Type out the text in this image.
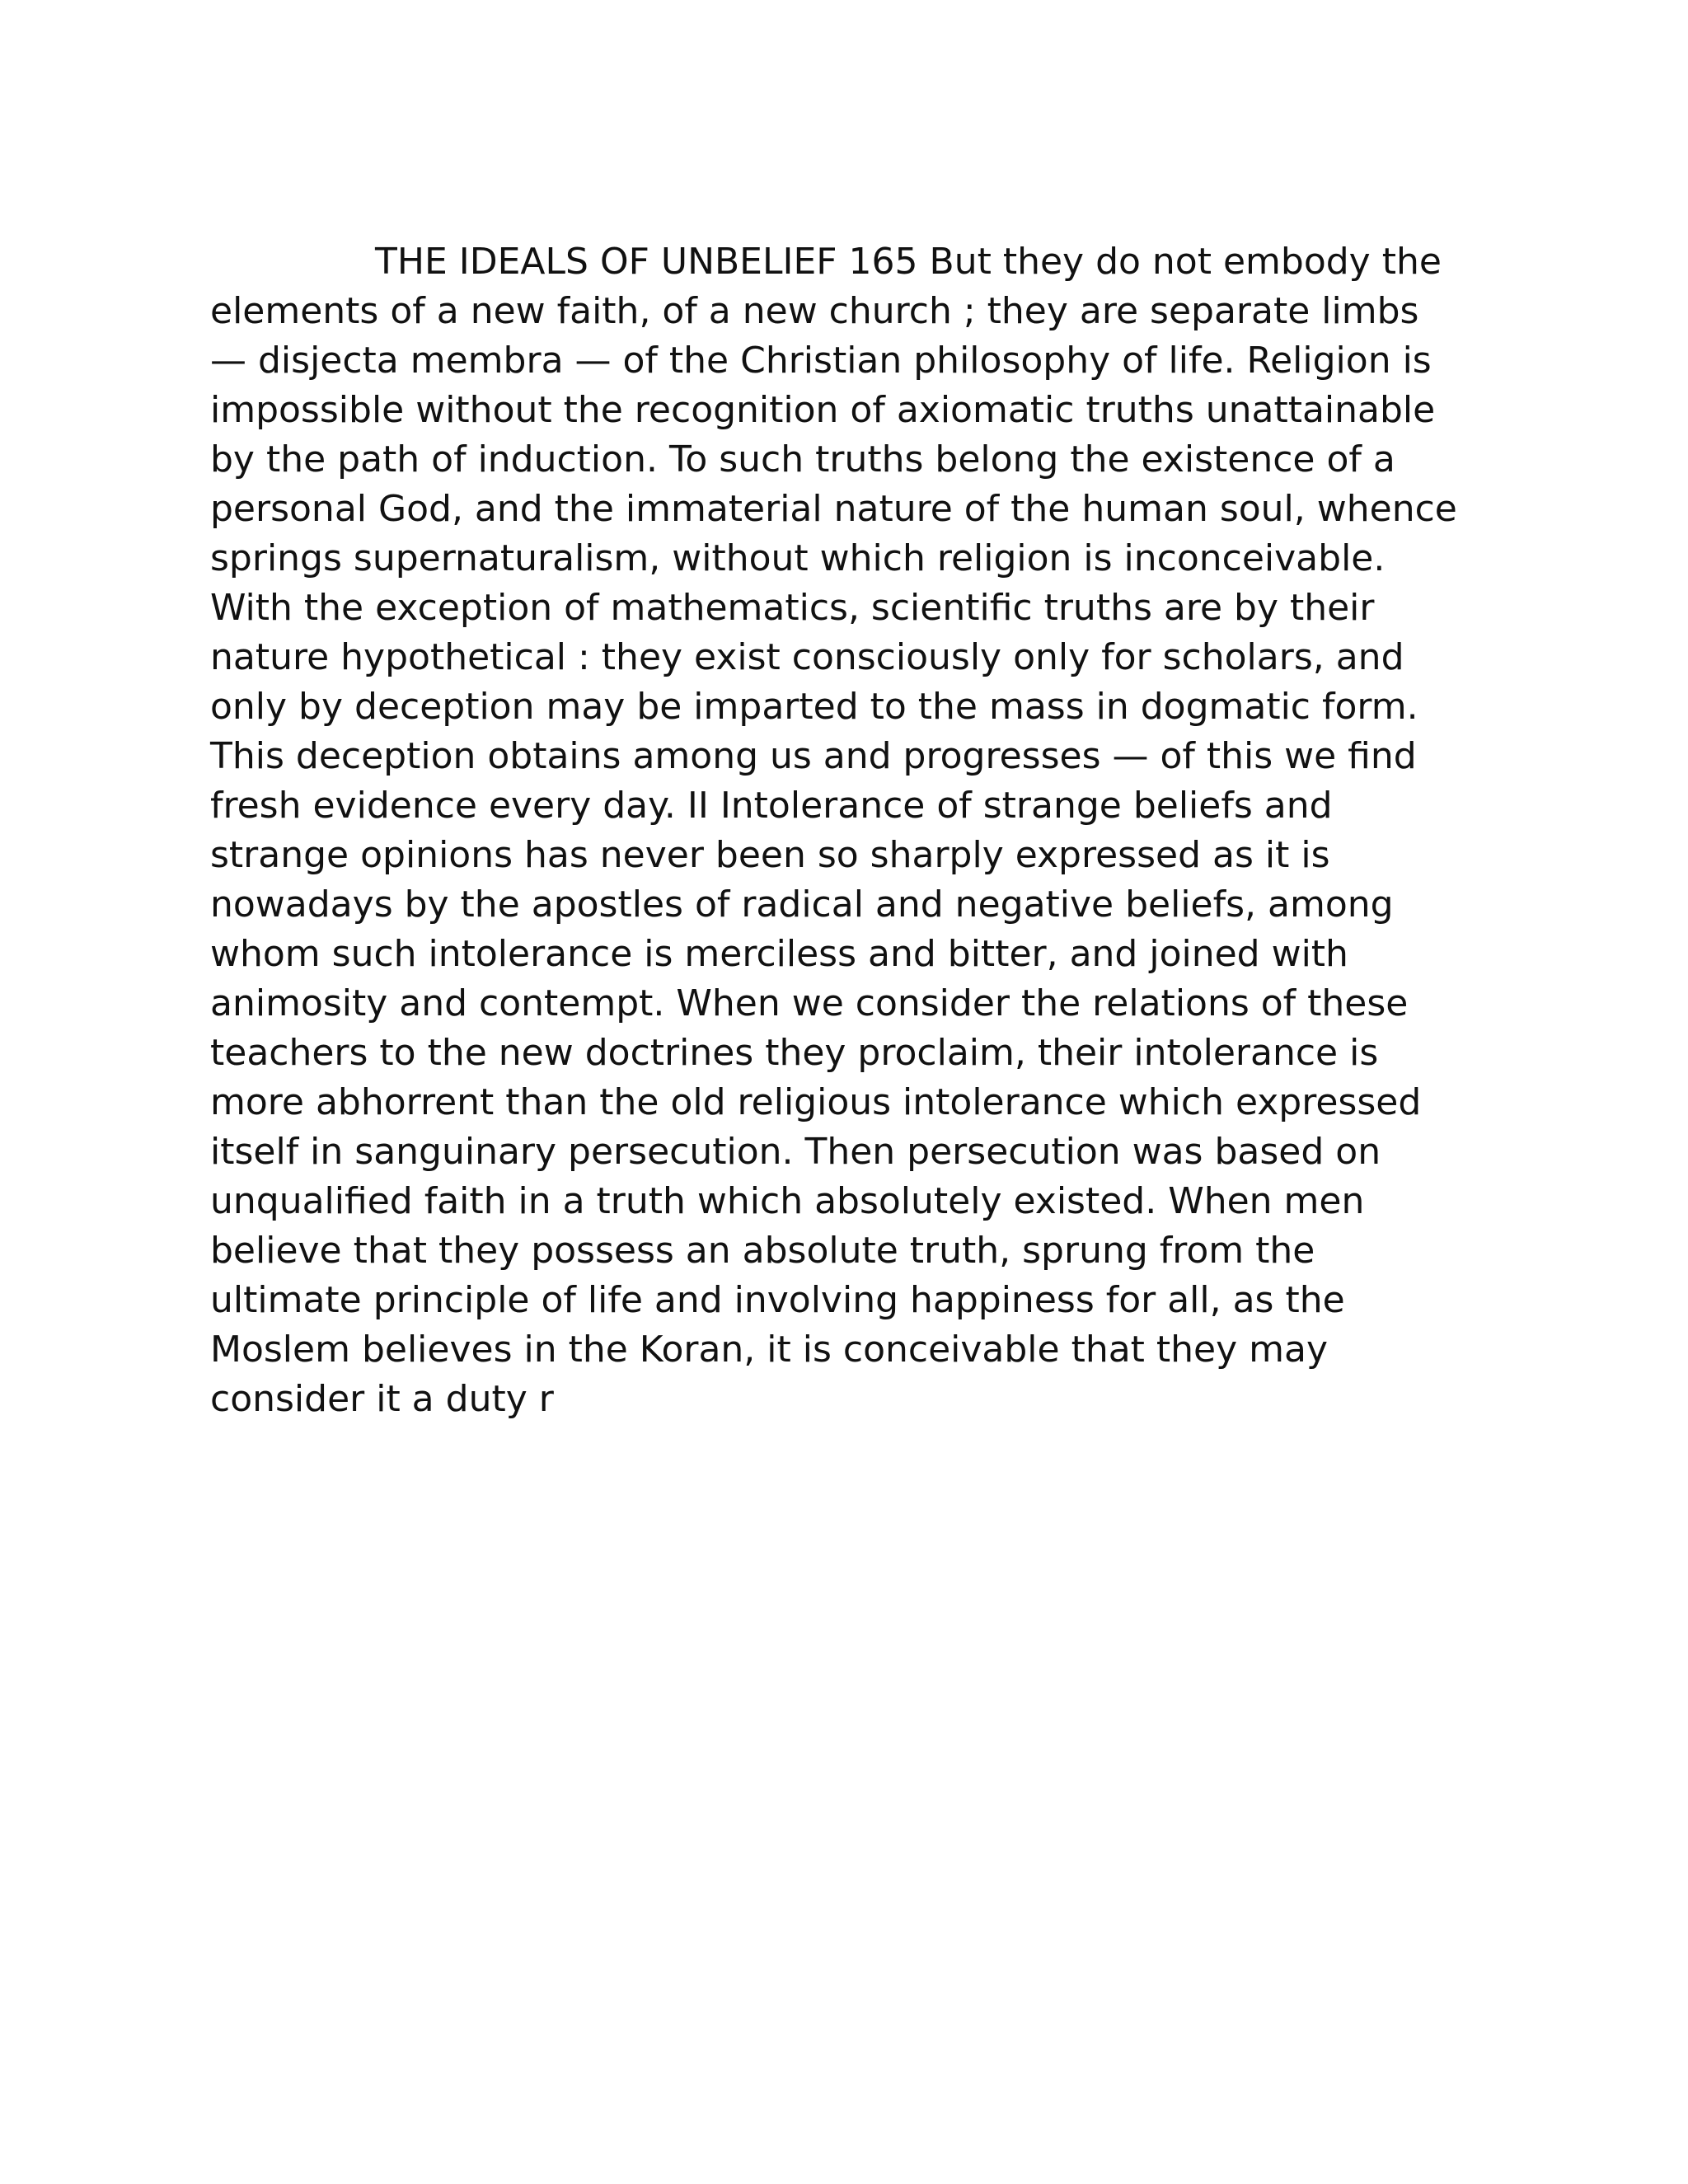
THE IDEALS OF UNBELIEF 165 But they do not embody the
elements of a new faith, of a new church ; they are separate limbs
— disjecta membra — of the Christian philosophy of life. Religion is
impossible without the recognition of axiomatic truths unattainable
by the path of induction. To such truths belong the existence of a
personal God, and the immaterial nature of the human soul, whence
springs supernaturalism, without which religion is inconceivable.
With the exception of mathematics, scientific truths are by their
nature hypothetical : they exist consciously only for scholars, and
only by deception may be imparted to the mass in dogmatic form.
This deception obtains among us and progresses — of this we find
fresh evidence every day. II Intolerance of strange beliefs and
strange opinions has never been so sharply expressed as it is
nowadays by the apostles of radical and negative beliefs, among
whom such intolerance is merciless and bitter, and joined with
animosity and contempt. When we consider the relations of these
teachers to the new doctrines they proclaim, their intolerance is
more abhorrent than the old religious intolerance which expressed
itself in sanguinary persecution. Then persecution was based on
unqualified faith in a truth which absolutely existed. When men
believe that they possess an absolute truth, sprung from the
ultimate principle of life and involving happiness for all, as the
Moslem believes in the Koran, it is conceivable that they may
consider it a duty r
